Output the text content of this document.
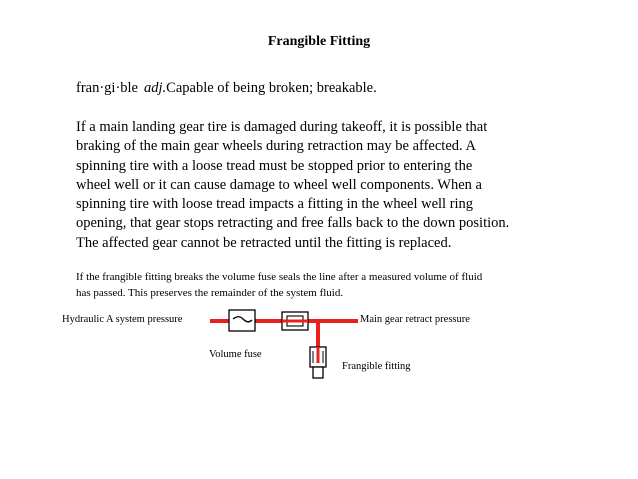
Frangible Fitting
fran·gi·ble adj.Capable of being broken; breakable.
If a main landing gear tire is damaged during takeoff, it is possible that
braking of the main gear wheels during retraction may be affected. A
spinning tire with a loose tread must be stopped prior to entering the
wheel well or it can cause damage to wheel well components. When a
spinning tire with loose tread impacts a fitting in the wheel well ring
opening, that gear stops retracting and free falls back to the down position.
The affected gear cannot be retracted until the fitting is replaced.
If the frangible fitting breaks the volume fuse seals the line after a measured volume of fluid
has passed. This preserves the remainder of the system fluid.
Hydraulic A system pressure	Main gear retract pressure
Volume fuse
Frangible fitting
